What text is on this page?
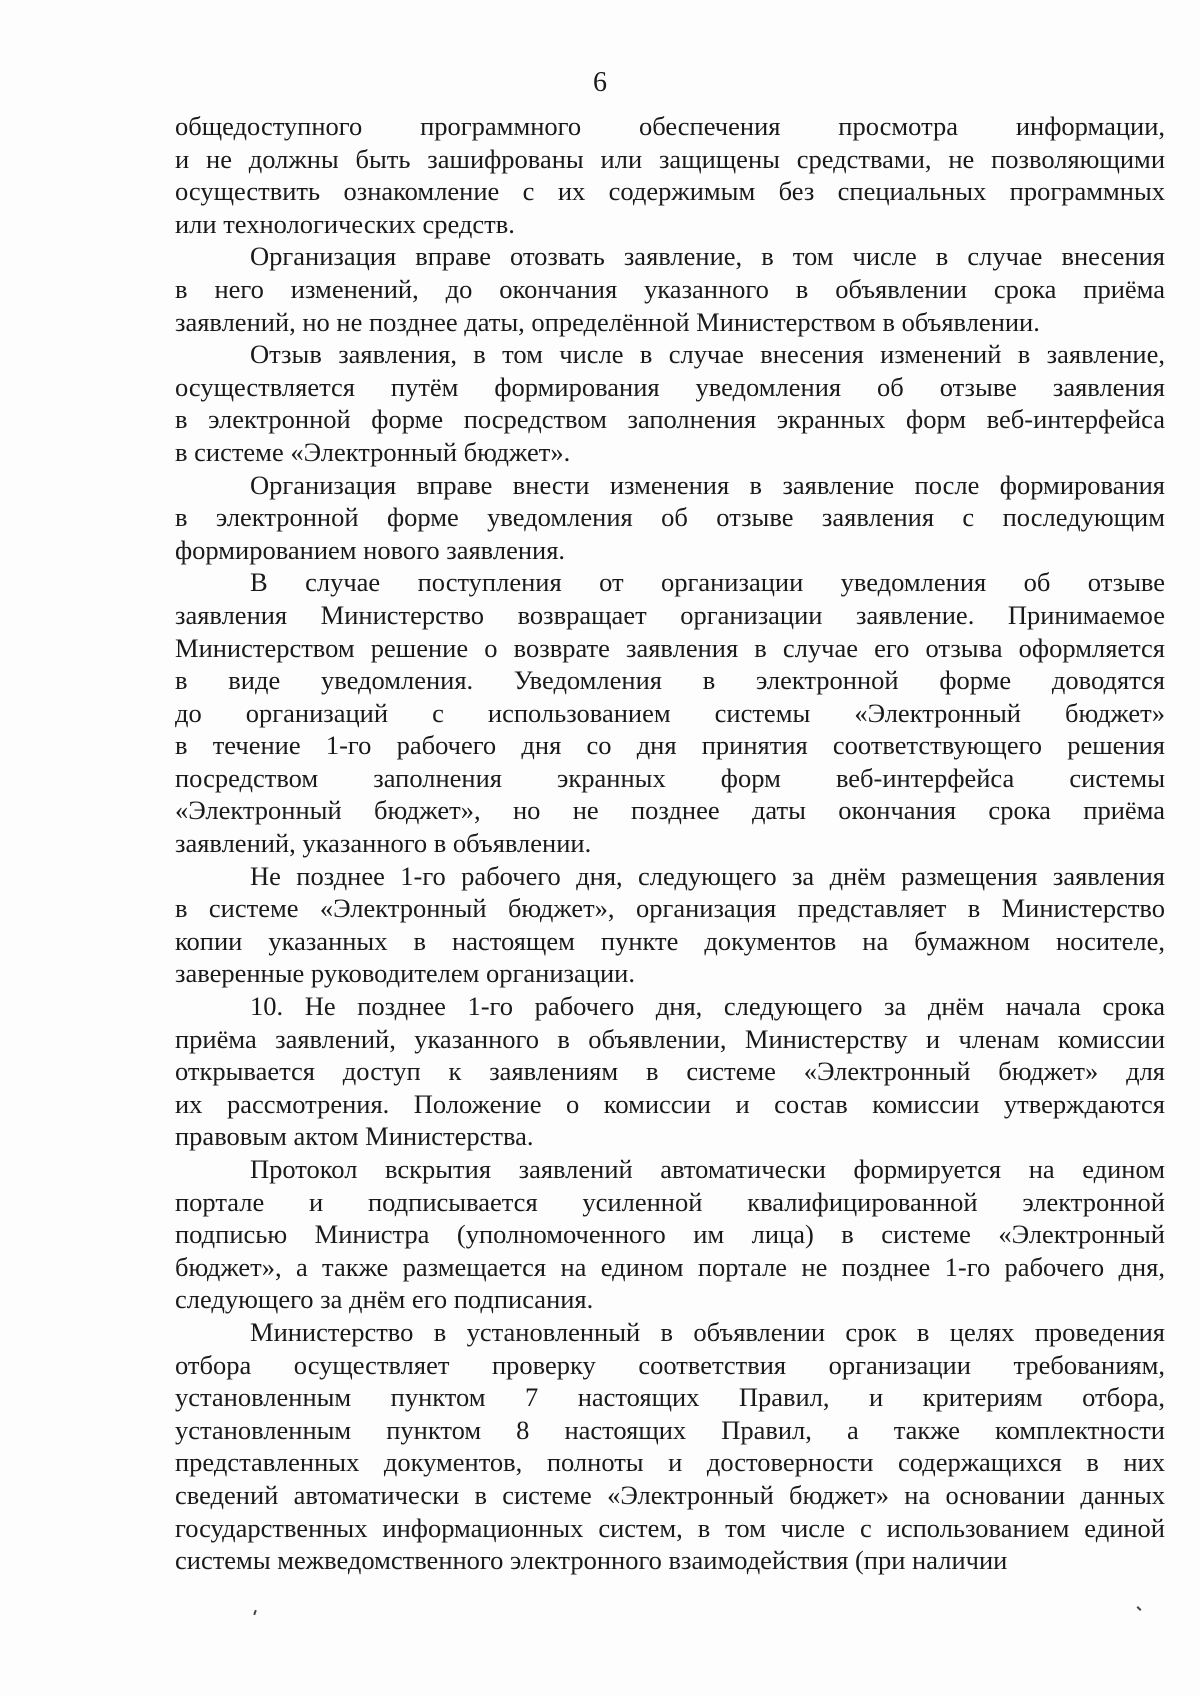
6
общедоступного программного обеспечения просмотра информации,
и не должны быть зашифрованы или защищены средствами, не позволяющими
осуществить ознакомление с их содержимым без специальных программных
или технологических средств.
Организация вправе отозвать заявление, в том числе в случае внесения
в него изменений, до окончания указанного в объявлении срока приёма
заявлений, но не позднее даты, определённой Министерством в объявлении.
Отзыв заявления, в том числе в случае внесения изменений в заявление,
осуществляется путём формирования уведомления об отзыве заявления
в электронной форме посредством заполнения экранных форм веб-интерфейса
в системе «Электронный бюджет».
Организация вправе внести изменения в заявление после формирования
в электронной форме уведомления об отзыве заявления с последующим
формированием нового заявления.
В случае поступления от организации уведомления об отзыве
заявления Министерство возвращает организации заявление. Принимаемое
Министерством решение о возврате заявления в случае его отзыва оформляется
в виде уведомления. Уведомления в электронной форме доводятся
до организаций с использованием системы «Электронный бюджет»
в течение 1-го рабочего дня со дня принятия соответствующего решения
посредством заполнения экранных форм веб-интерфейса системы
«Электронный бюджет», но не позднее даты окончания срока приёма
заявлений, указанного в объявлении.
Не позднее 1-го рабочего дня, следующего за днём размещения заявления
в системе «Электронный бюджет», организация представляет в Министерство
копии указанных в настоящем пункте документов на бумажном носителе,
заверенные руководителем организации.
10. Не позднее 1-го рабочего дня, следующего за днём начала срока
приёма заявлений, указанного в объявлении, Министерству и членам комиссии
открывается доступ к заявлениям в системе «Электронный бюджет» для
их рассмотрения. Положение о комиссии и состав комиссии утверждаются
правовым актом Министерства.
Протокол вскрытия заявлений автоматически формируется на едином
портале и подписывается усиленной квалифицированной электронной
подписью Министра (уполномоченного им лица) в системе «Электронный
бюджет», а также размещается на едином портале не позднее 1-го рабочего дня,
следующего за днём его подписания.
Министерство в установленный в объявлении срок в целях проведения
отбора осуществляет проверку соответствия организации требованиям,
установленным пунктом 7 настоящих Правил, и критериям отбора,
установленным пунктом 8 настоящих Правил, а также комплектности
представленных документов, полноты и достоверности содержащихся в них
сведений автоматически в системе «Электронный бюджет» на основании данных
государственных информационных систем, в том числе с использованием единой
системы межведомственного электронного взаимодействия (при наличии
